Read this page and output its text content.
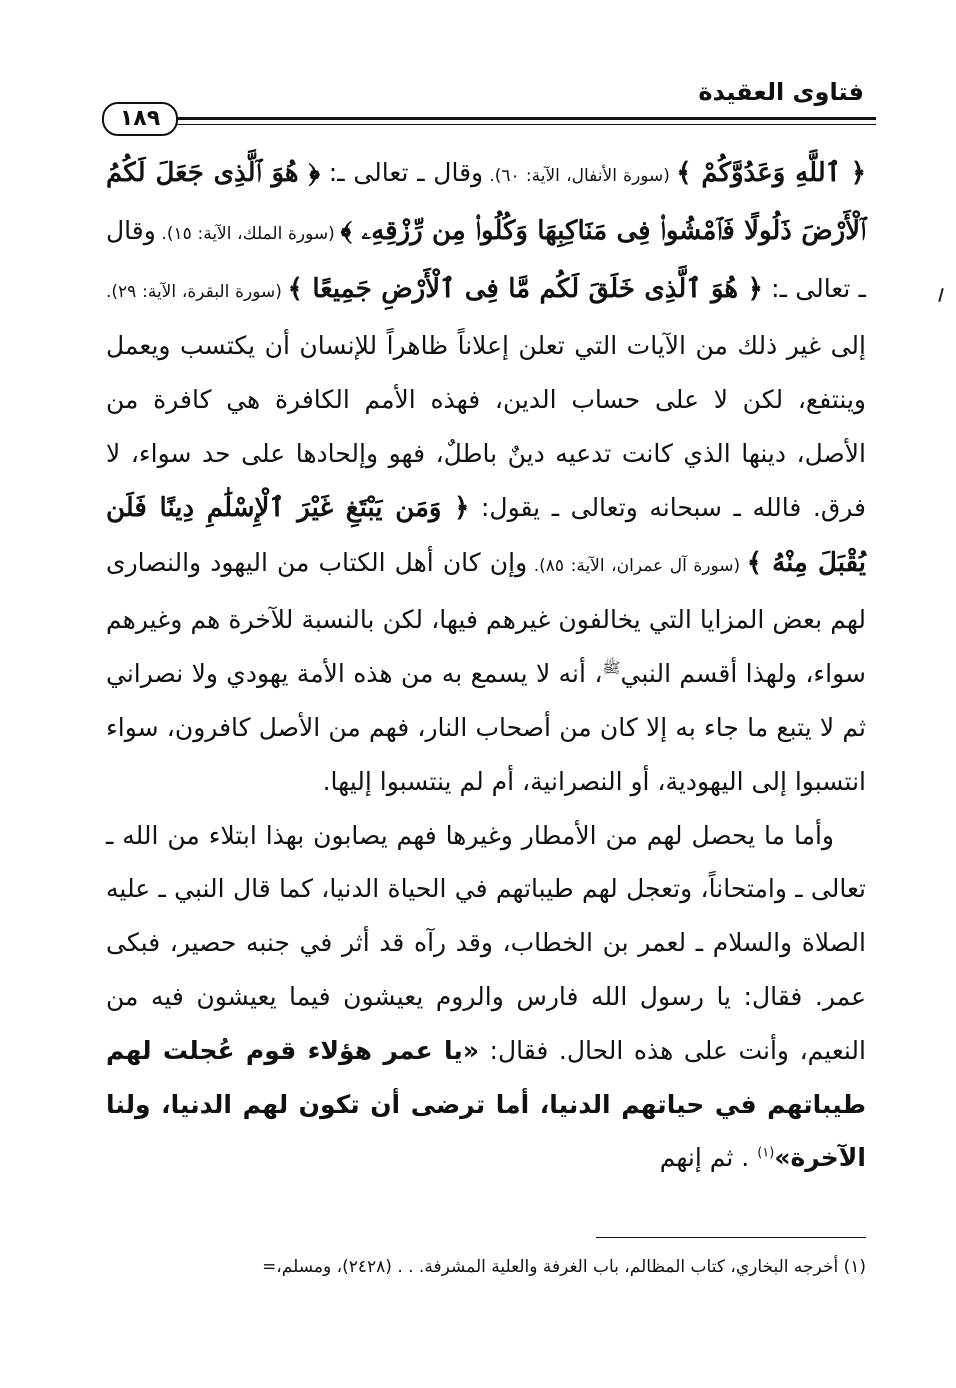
فتاوى العقيدة
١٨٩

﴿ ٱللَّهِ وَعَدُوَّكُمْ ﴾ (سورة الأنفال، الآية: ٦٠). وقال ـ تعالى ـ: ﴿ هُوَ ٱلَّذِى جَعَلَ لَكُمُ ٱلْأَرْضَ ذَلُولًا فَٱمْشُوا۟ فِى مَنَاكِبِهَا وَكُلُوا۟ مِن رِّزْقِهِۦ ﴾ (سورة الملك، الآية: ١٥). وقال ـ تعالى ـ: ﴿ هُوَ ٱلَّذِى خَلَقَ لَكُم مَّا فِى ٱلْأَرْضِ جَمِيعًا ﴾ (سورة البقرة، الآية: ٢٩). إلى غير ذلك من الآيات التي تعلن إعلاناً ظاهراً للإنسان أن يكتسب ويعمل وينتفع، لكن لا على حساب الدين، فهذه الأمم الكافرة هي كافرة من الأصل، دينها الذي كانت تدعيه دينٌ باطلٌ، فهو وإلحادها على حد سواء، لا فرق. فالله ـ سبحانه وتعالى ـ يقول: ﴿ وَمَن يَبْتَغِ غَيْرَ ٱلْإِسْلَٰمِ دِينًا فَلَن يُقْبَلَ مِنْهُ ﴾ (سورة آل عمران، الآية: ٨٥). وإن كان أهل الكتاب من اليهود والنصارى لهم بعض المزايا التي يخالفون غيرهم فيها، لكن بالنسبة للآخرة هم وغيرهم سواء، ولهذا أقسم النبي$^ﷺ$، أنه لا يسمع به من هذه الأمة يهودي ولا نصراني ثم لا يتبع ما جاء به إلا كان من أصحاب النار، فهم من الأصل كافرون، سواء انتسبوا إلى اليهودية، أو النصرانية، أم لم ينتسبوا إليها.

وأما ما يحصل لهم من الأمطار وغيرها فهم يصابون بهذا ابتلاء من الله ـ تعالى ـ وامتحاناً، وتعجل لهم طيباتهم في الحياة الدنيا، كما قال النبي ـ عليه الصلاة والسلام ـ لعمر بن الخطاب، وقد رآه قد أثر في جنبه حصير، فبكى عمر. فقال: يا رسول الله فارس والروم يعيشون فيما يعيشون فيه من النعيم، وأنت على هذه الحال. فقال: «يا عمر هؤلاء قوم عُجلت لهم طيباتهم في حياتهم الدنيا، أما ترضى أن تكون لهم الدنيا، ولنا الآخرة»$^{(١)}$ . ثم إنهم

(١) أخرجه البخاري، كتاب المظالم، باب الغرفة والعلية المشرفة. . . (٢٤٢٨)، ومسلم،=
